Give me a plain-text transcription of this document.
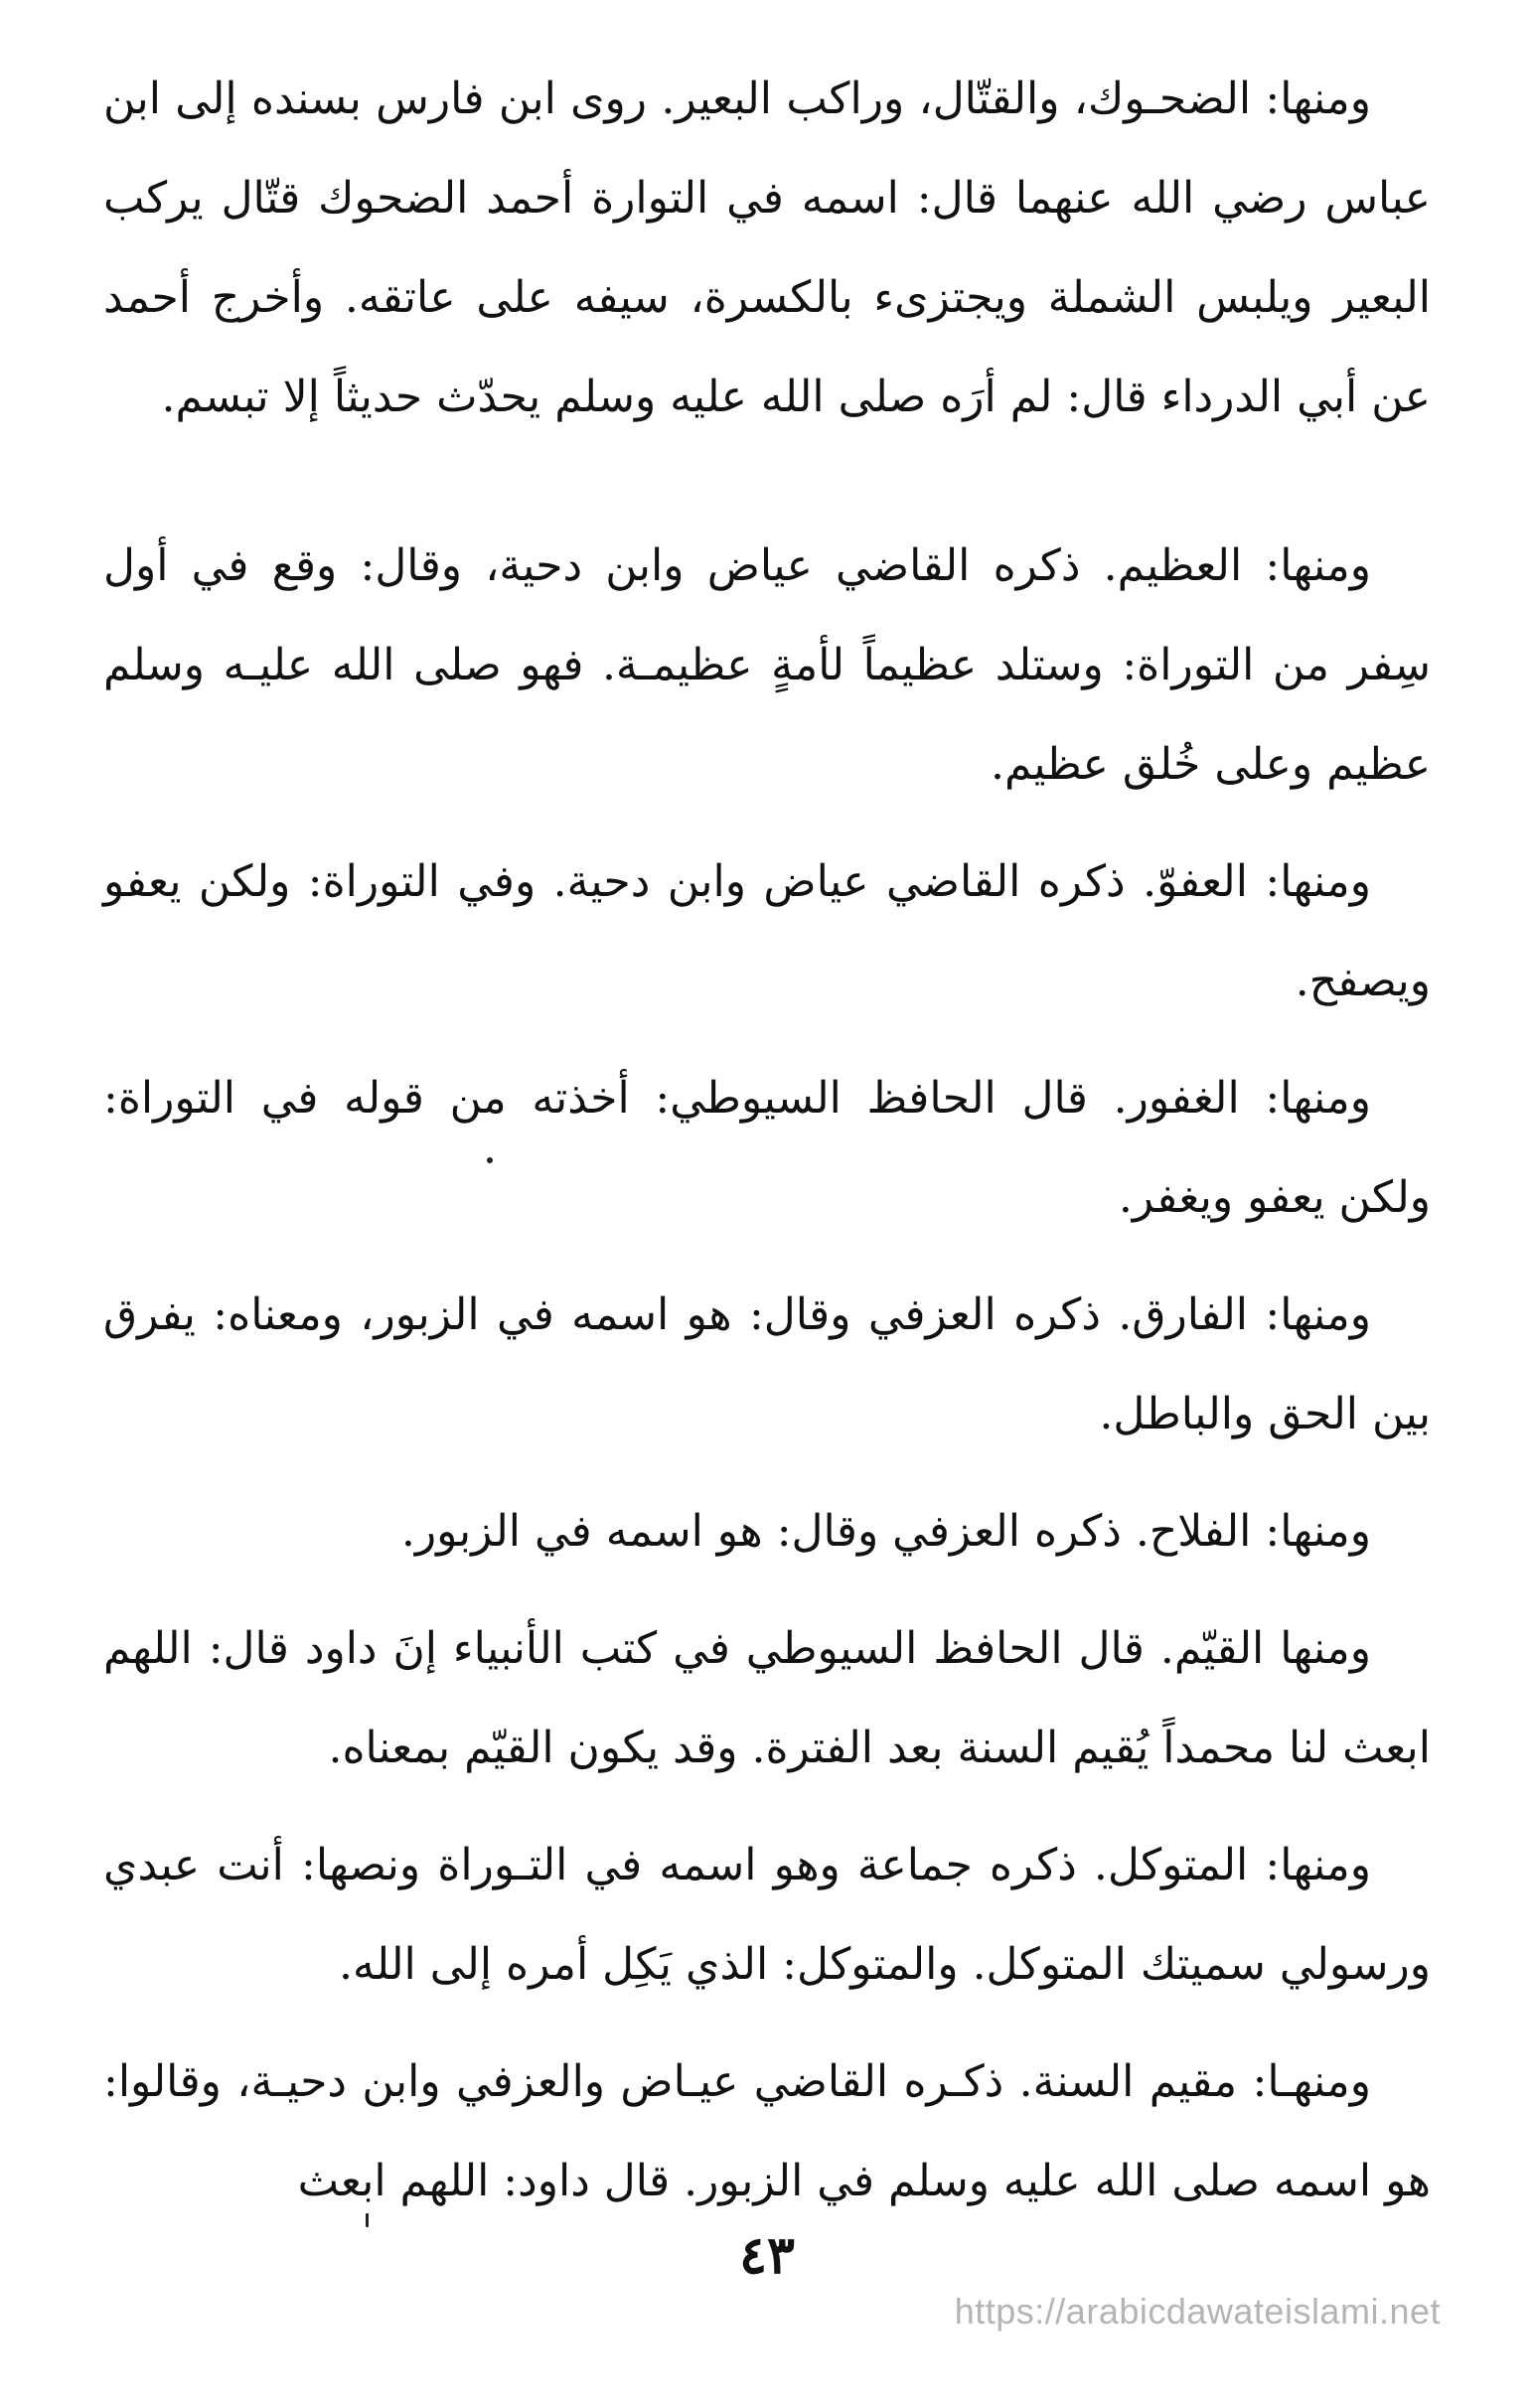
ومنها: الضحـوك، والقتّال، وراكب البعير. روى ابن فارس بسنده إلى ابن عباس رضي الله عنهما قال: اسمه في التوارة أحمد الضحوك قتّال يركب البعير ويلبس الشملة ويجتزىء بالكسرة، سيفه على عاتقه. وأخرج أحمد عن أبي الدرداء قال: لم أرَه صلى الله عليه وسلم يحدّث حديثاً إلا تبسم.

ومنها: العظيم. ذكره القاضي عياض وابن دحية، وقال: وقع في أول سِفر من التوراة: وستلد عظيماً لأمةٍ عظيمـة. فهو صلى الله عليـه وسلم عظيم وعلى خُلق عظيم.

ومنها: العفوّ. ذكره القاضي عياض وابن دحية. وفي التوراة: ولكن يعفو ويصفح.

ومنها: الغفور. قال الحافظ السيوطي: أخذته من قوله في التوراة: ولكن يعفو ويغفر.

ومنها: الفارق. ذكره العزفي وقال: هو اسمه في الزبور، ومعناه: يفرق بين الحق والباطل.

ومنها: الفلاح. ذكره العزفي وقال: هو اسمه في الزبور.

ومنها القيّم. قال الحافظ السيوطي في كتب الأنبياء إنَ داود قال: اللهم ابعث لنا محمداً يُقيم السنة بعد الفترة. وقد يكون القيّم بمعناه.

ومنها: المتوكل. ذكره جماعة وهو اسمه في التـوراة ونصها: أنت عبدي ورسولي سميتك المتوكل. والمتوكل: الذي يَكِل أمره إلى الله.

ومنهـا: مقيم السنة. ذكـره القاضي عيـاض والعزفي وابن دحيـة، وقالوا: هو اسمه صلى الله عليه وسلم في الزبور. قال داود: اللهم ابعث

٤٣
https://arabicdawateislami.net
